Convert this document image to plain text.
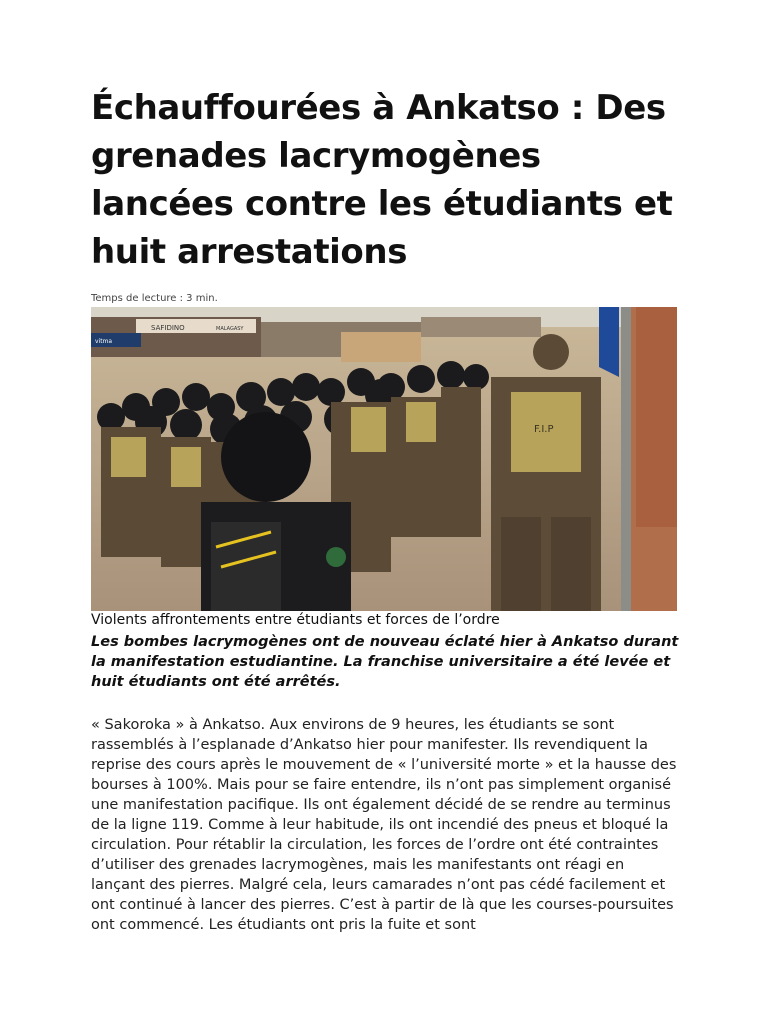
Échauffourées à Ankatso : Des grenades lacrymogènes lancées contre les étudiants et huit arrestations
Temps de lecture : 3 min.
SAFIDINO	MALAGASY
vitma
F.I.P
Violents affrontements entre étudiants et forces de l’ordre

Les bombes lacrymogènes ont de nouveau éclaté hier à Ankatso durant la manifestation estudiantine. La franchise universitaire a été levée et huit étudiants ont été arrêtés.

« Sakoroka » à Ankatso. Aux environs de 9 heures, les étudiants se sont rassemblés à l’esplanade d’Ankatso hier pour manifester. Ils revendiquent la reprise des cours après le mouvement de « l’université morte » et la hausse des bourses à 100%. Mais pour se faire entendre, ils n’ont pas simplement organisé une manifestation pacifique. Ils ont également décidé de se rendre au terminus de la ligne 119. Comme à leur habitude, ils ont incendié des pneus et bloqué la circulation. Pour rétablir la circulation, les forces de l’ordre ont été contraintes d’utiliser des grenades lacrymogènes, mais les manifestants ont réagi en lançant des pierres. Malgré cela, leurs camarades n’ont pas cédé facilement et ont continué à lancer des pierres. C’est à partir de là que les courses-poursuites ont commencé. Les étudiants ont pris la fuite et sont
